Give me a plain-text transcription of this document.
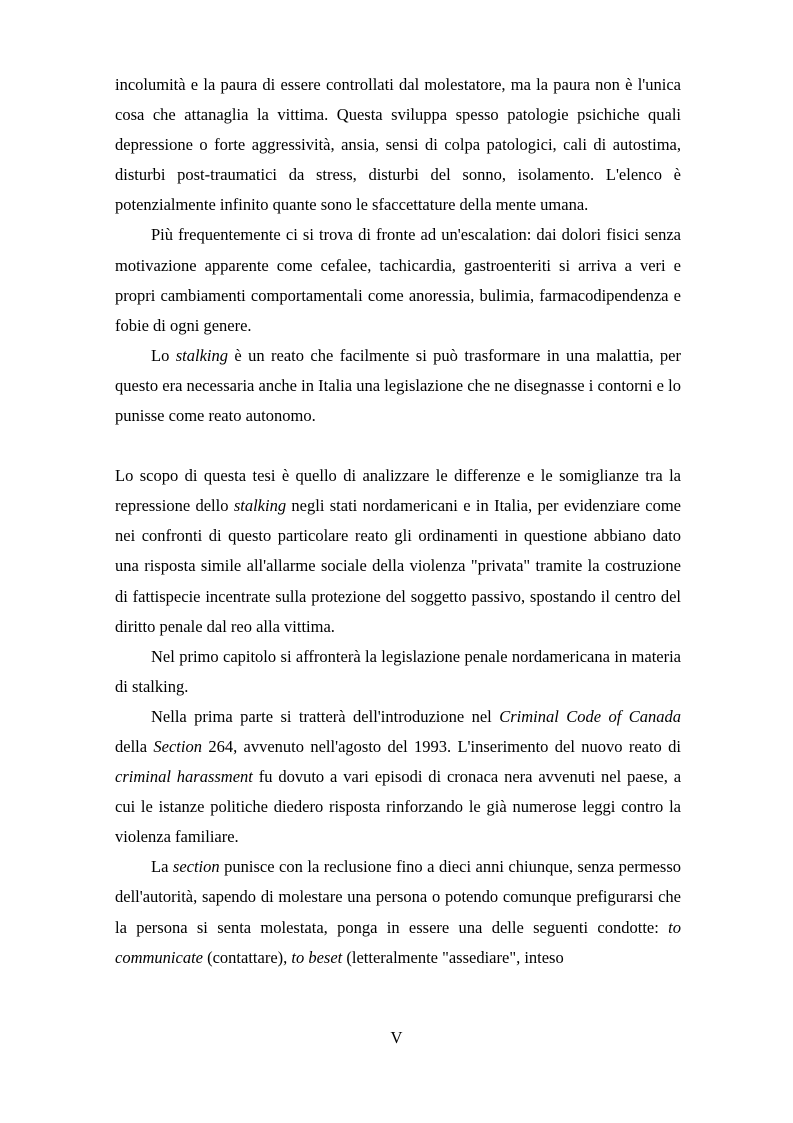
incolumità e la paura di essere controllati dal molestatore, ma la paura non è l'unica cosa che attanaglia la vittima. Questa sviluppa spesso patologie psichiche quali depressione o forte aggressività, ansia, sensi di colpa patologici, cali di autostima, disturbi post-traumatici da stress, disturbi del sonno, isolamento. L'elenco è potenzialmente infinito quante sono le sfaccettature della mente umana.

Più frequentemente ci si trova di fronte ad un'escalation: dai dolori fisici senza motivazione apparente come cefalee, tachicardia, gastroenteriti si arriva a veri e propri cambiamenti comportamentali come anoressia, bulimia, farmacodipendenza e fobie di ogni genere.

Lo stalking è un reato che facilmente si può trasformare in una malattia, per questo era necessaria anche in Italia una legislazione che ne disegnasse i contorni e lo punisse come reato autonomo.

Lo scopo di questa tesi è quello di analizzare le differenze e le somiglianze tra la repressione dello stalking negli stati nordamericani e in Italia, per evidenziare come nei confronti di questo particolare reato gli ordinamenti in questione abbiano dato una risposta simile all'allarme sociale della violenza "privata" tramite la costruzione di fattispecie incentrate sulla protezione del soggetto passivo, spostando il centro del diritto penale dal reo alla vittima.

Nel primo capitolo si affronterà la legislazione penale nordamericana in materia di stalking.

Nella prima parte si tratterà dell'introduzione nel Criminal Code of Canada della Section 264, avvenuto nell'agosto del 1993. L'inserimento del nuovo reato di criminal harassment fu dovuto a vari episodi di cronaca nera avvenuti nel paese, a cui le istanze politiche diedero risposta rinforzando le già numerose leggi contro la violenza familiare.

La section punisce con la reclusione fino a dieci anni chiunque, senza permesso dell'autorità, sapendo di molestare una persona o potendo comunque prefigurarsi che la persona si senta molestata, ponga in essere una delle seguenti condotte: to communicate (contattare), to beset (letteralmente "assediare", inteso

V
